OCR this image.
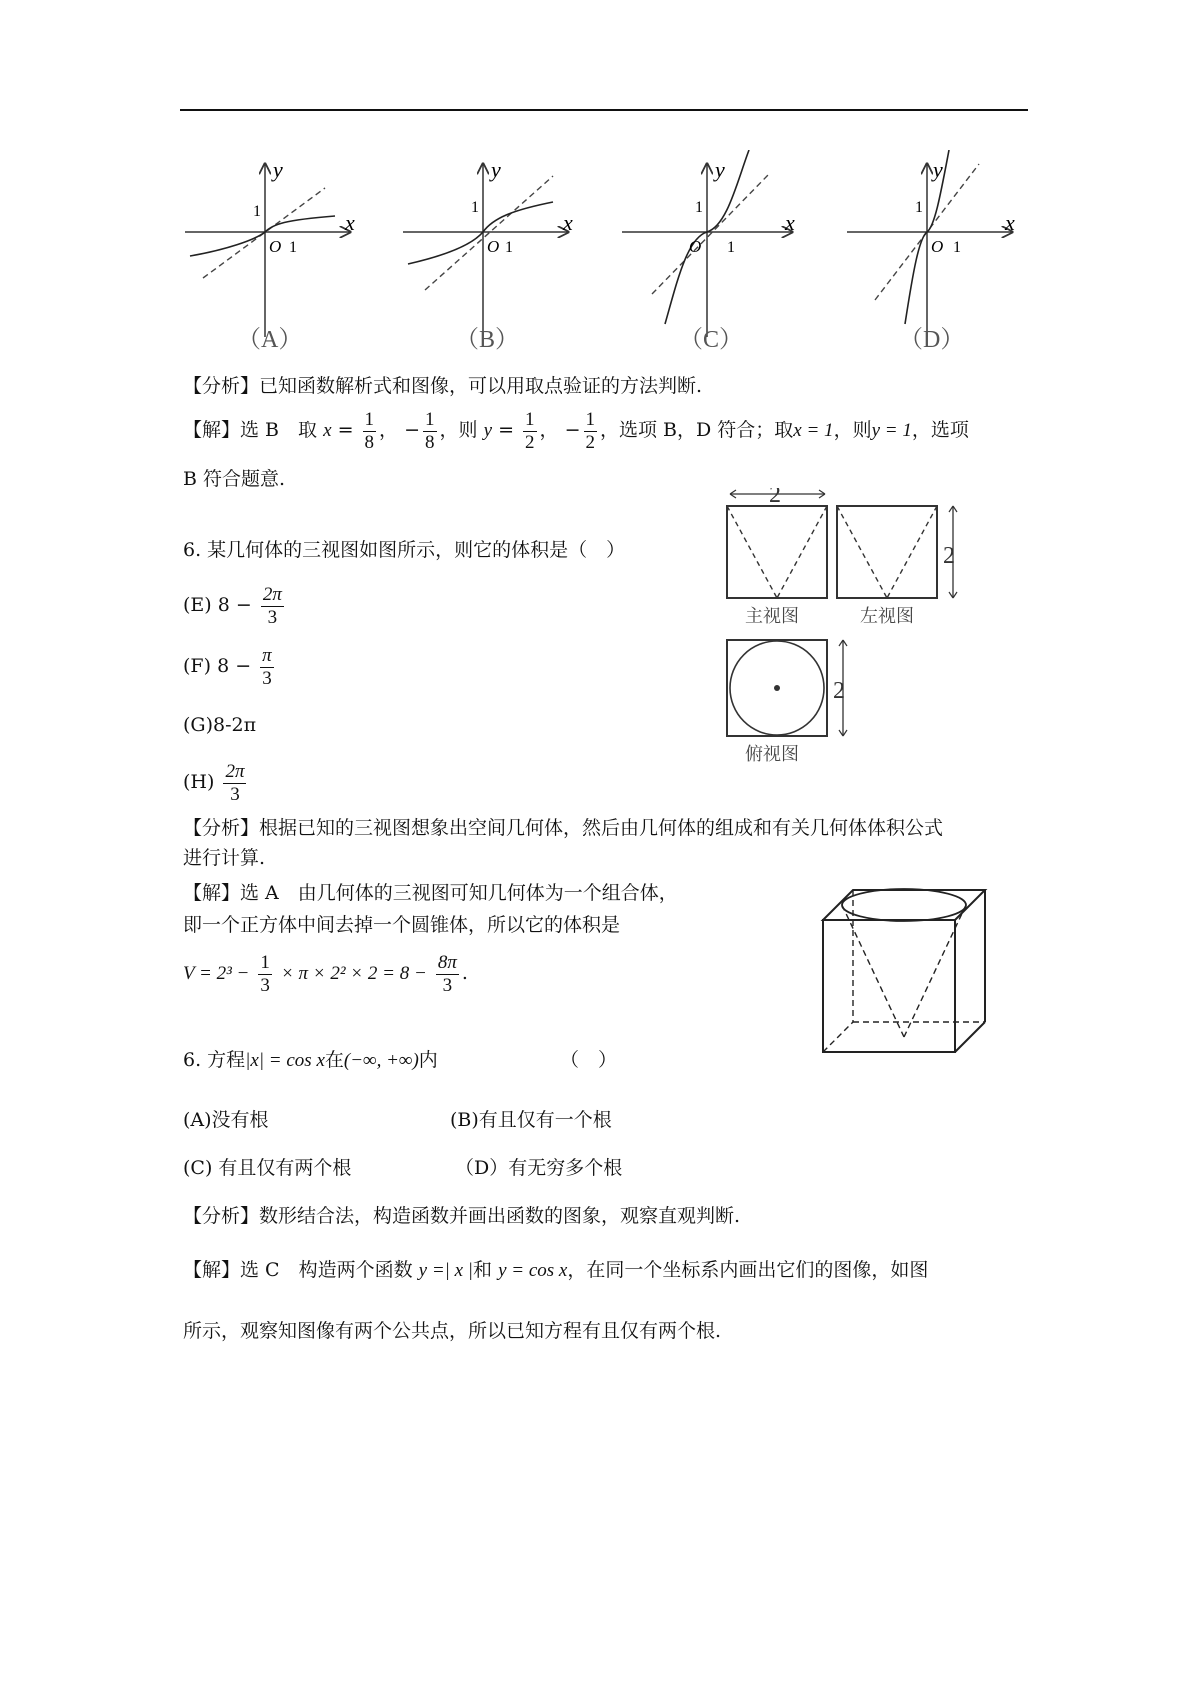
y
x
O
1
1
（A）
y
x
O
1
1
（B）
y
x
O
1
1
（C）
y
x
O
1
1
（D）
【分析】已知函数解析式和图像，可以用取点验证的方法判断.
【解】选 B　取 $x = \frac{1}{8}$ ， − $\frac{1}{8}$ ，则 $y = \frac{1}{2}$ ， − $\frac{1}{2}$ ，选项 B，D 符合；取x = 1，则y = 1，选项
B 符合题意.
2
主视图
2
左视图
2
俯视图
6. 某几何体的三视图如图所示，则它的体积是（　）
(E) $8 - \frac{2\pi}{3}$
(F) $8 - \frac{\pi}{3}$
(G)8-2π
$(H) \frac{2\pi}{3}$
【分析】根据已知的三视图想象出空间几何体，然后由几何体的组成和有关几何体体积公式
进行计算.
【解】选 A　由几何体的三视图可知几何体为一个组合体，
即一个正方体中间去掉一个圆锥体，所以它的体积是
$V = 2^3 - \frac{1}{3} \times \pi \times 2^2 \times 2 = 8 - \frac{8\pi}{3}$ .
6. 方程|x| = cos x在(−∞, +∞)内	（　）
(A)没有根	(B)有且仅有一个根
(C) 有且仅有两个根	（D）有无穷多个根
【分析】数形结合法，构造函数并画出函数的图象，观察直观判断.
【解】选 C　构造两个函数 y =| x |和 y = cos x，在同一个坐标系内画出它们的图像，如图
所示，观察知图像有两个公共点，所以已知方程有且仅有两个根.
